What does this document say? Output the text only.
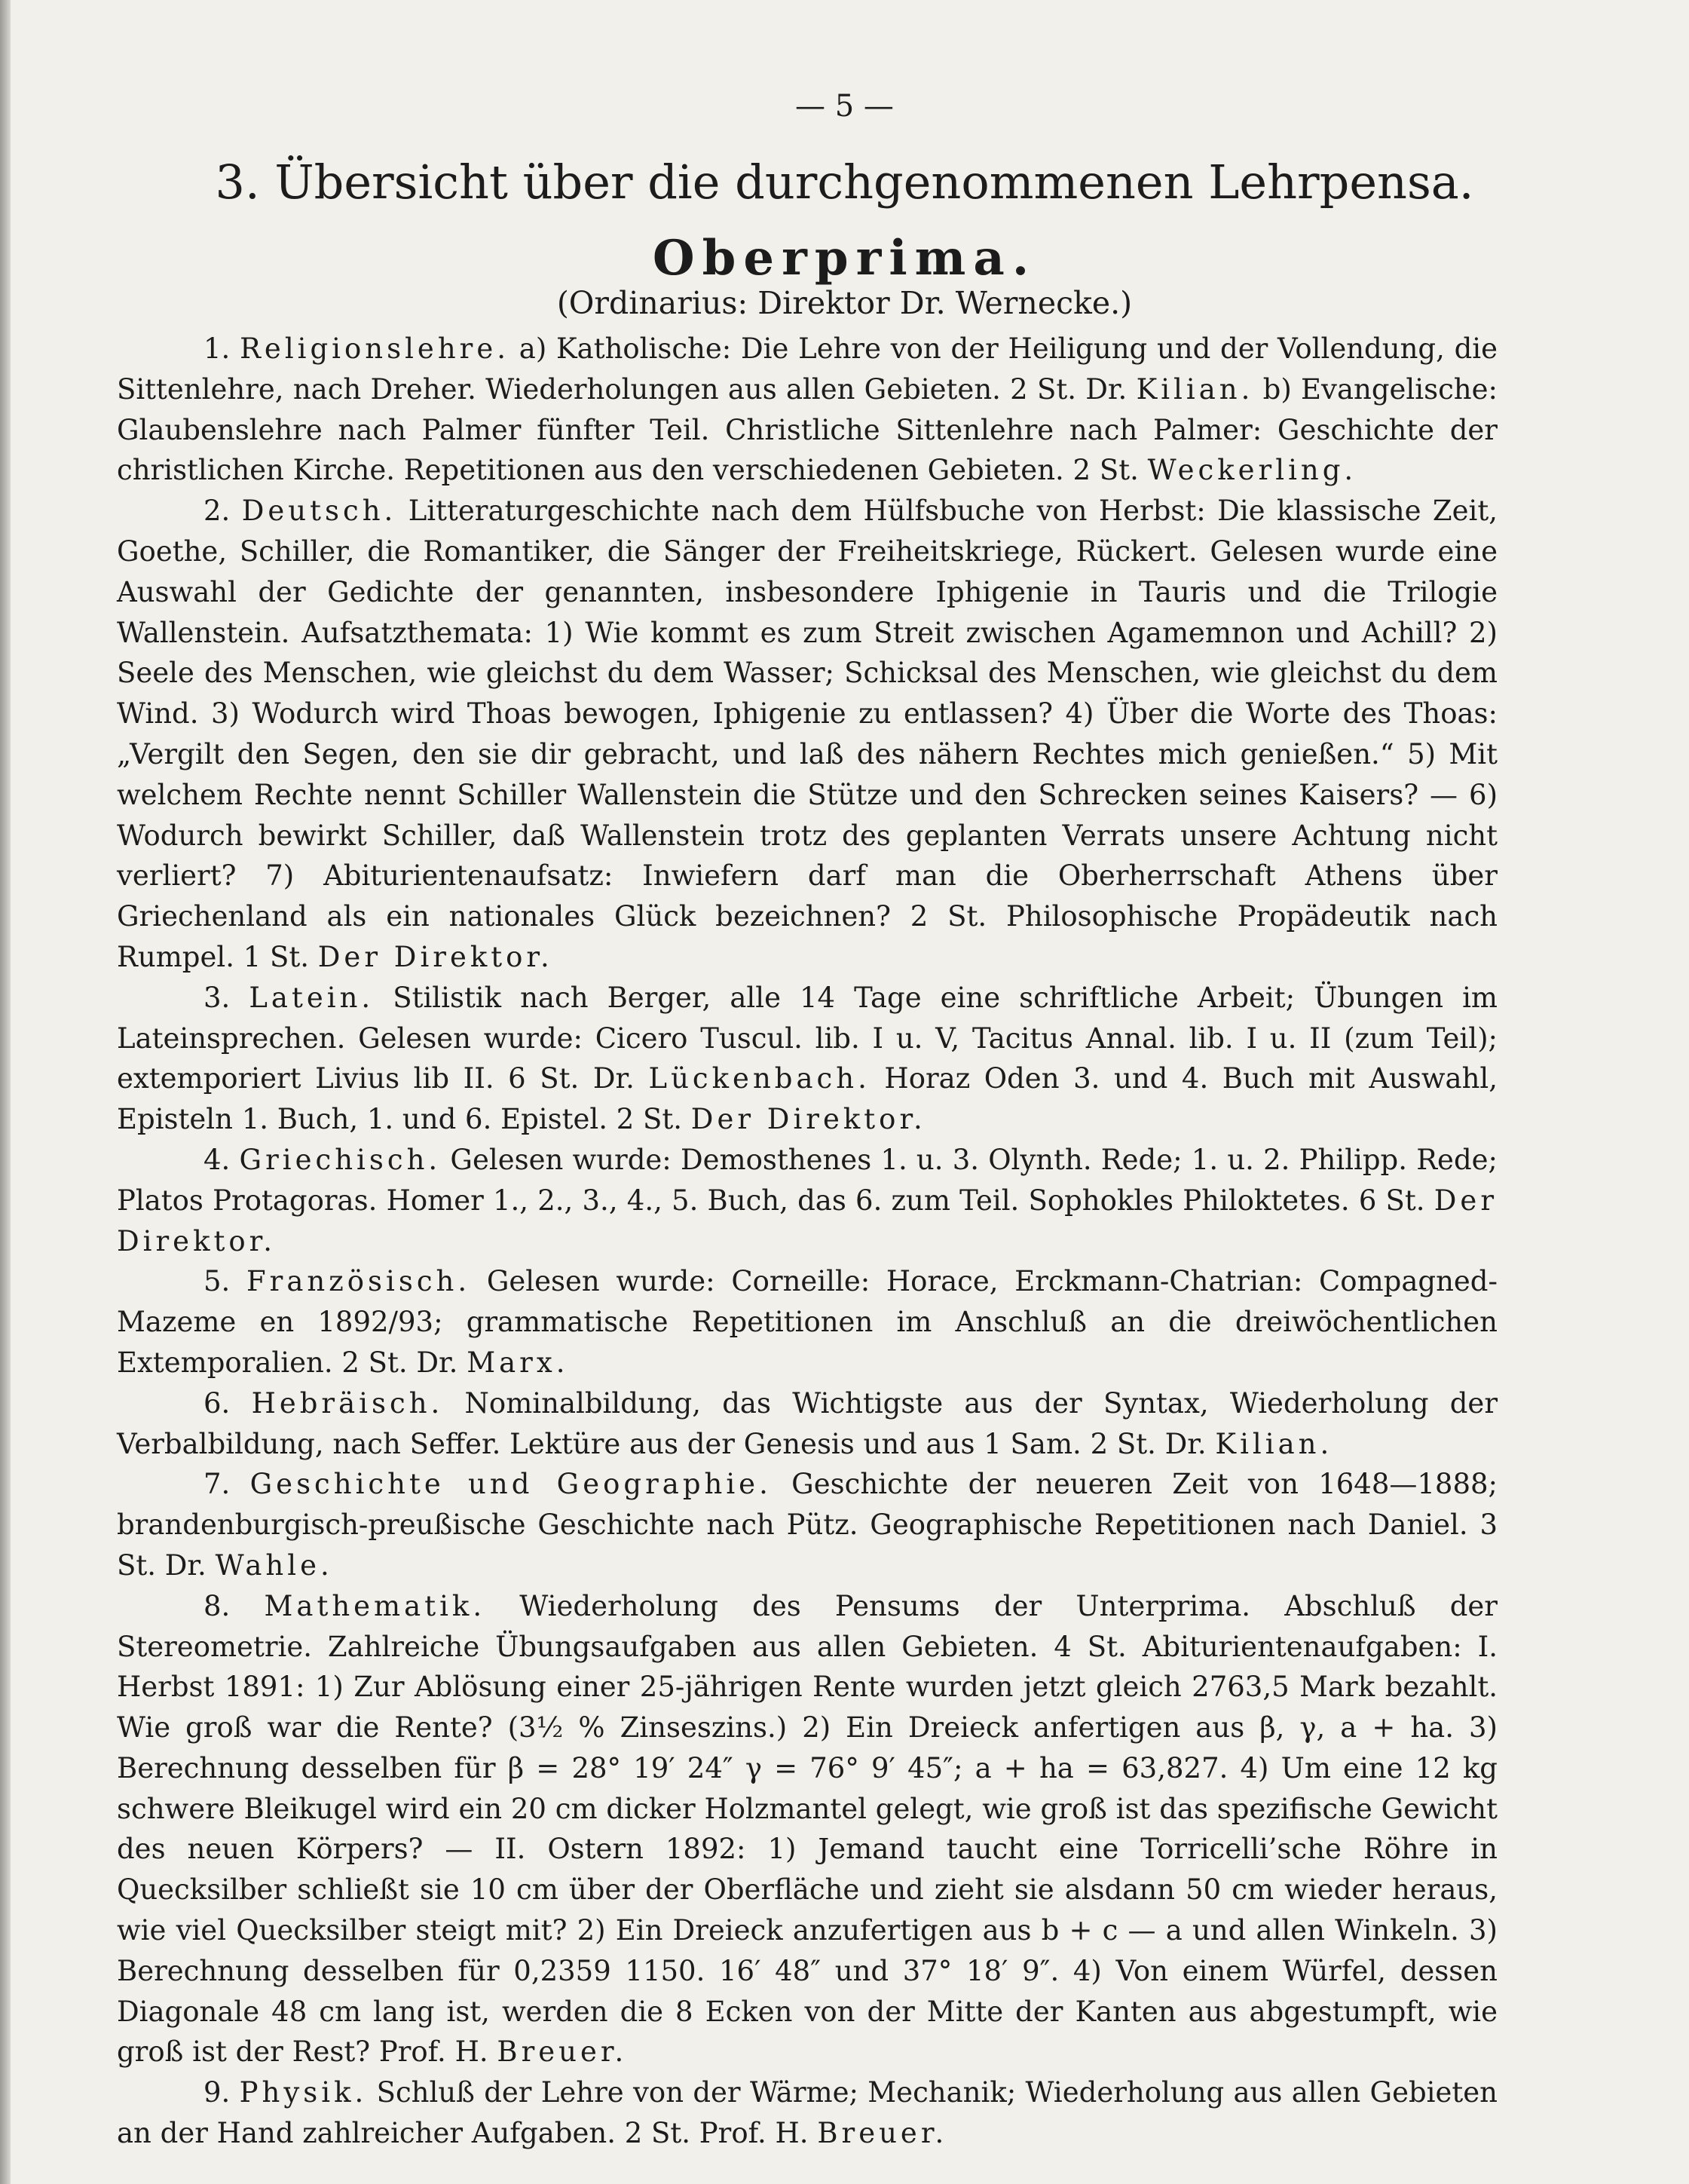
— 5 —
3. Übersicht über die durchgenommenen Lehrpensa.
Oberprima.
(Ordinarius: Direktor Dr. Wernecke.)

1. Religionslehre. a) Katholische: Die Lehre von der Heiligung und der Vollendung, die Sittenlehre, nach Dreher. Wiederholungen aus allen Gebieten. 2 St. Dr. Kilian. b) Evangelische: Glaubenslehre nach Palmer fünfter Teil. Christliche Sittenlehre nach Palmer: Geschichte der christlichen Kirche. Repetitionen aus den verschiedenen Gebieten. 2 St. Weckerling.

2. Deutsch. Litteraturgeschichte nach dem Hülfsbuche von Herbst: Die klassische Zeit, Goethe, Schiller, die Romantiker, die Sänger der Freiheitskriege, Rückert. Gelesen wurde eine Auswahl der Gedichte der genannten, insbesondere Iphigenie in Tauris und die Trilogie Wallenstein. Aufsatzthemata: 1) Wie kommt es zum Streit zwischen Agamemnon und Achill? 2) Seele des Menschen, wie gleichst du dem Wasser; Schicksal des Menschen, wie gleichst du dem Wind. 3) Wodurch wird Thoas bewogen, Iphigenie zu entlassen? 4) Über die Worte des Thoas: „Vergilt den Segen, den sie dir gebracht, und laß des nähern Rechtes mich genießen.“ 5) Mit welchem Rechte nennt Schiller Wallenstein die Stütze und den Schrecken seines Kaisers? — 6) Wodurch bewirkt Schiller, daß Wallenstein trotz des geplanten Verrats unsere Achtung nicht verliert? 7) Abiturientenaufsatz: Inwiefern darf man die Oberherrschaft Athens über Griechenland als ein nationales Glück bezeichnen? 2 St. Philosophische Propädeutik nach Rumpel. 1 St. Der Direktor.

3. Latein. Stilistik nach Berger, alle 14 Tage eine schriftliche Arbeit; Übungen im Lateinsprechen. Gelesen wurde: Cicero Tuscul. lib. I u. V, Tacitus Annal. lib. I u. II (zum Teil); extemporiert Livius lib II. 6 St. Dr. Lückenbach. Horaz Oden 3. und 4. Buch mit Auswahl, Episteln 1. Buch, 1. und 6. Epistel. 2 St. Der Direktor.

4. Griechisch. Gelesen wurde: Demosthenes 1. u. 3. Olynth. Rede; 1. u. 2. Philipp. Rede; Platos Protagoras. Homer 1., 2., 3., 4., 5. Buch, das 6. zum Teil. Sophokles Philoktetes. 6 St. Der Direktor.

5. Französisch. Gelesen wurde: Corneille: Horace, Erckmann-Chatrian: Compagned-Mazeme en 1892/93; grammatische Repetitionen im Anschluß an die dreiwöchentlichen Extemporalien. 2 St. Dr. Marx.

6. Hebräisch. Nominalbildung, das Wichtigste aus der Syntax, Wiederholung der Verbalbildung, nach Seffer. Lektüre aus der Genesis und aus 1 Sam. 2 St. Dr. Kilian.

7. Geschichte und Geographie. Geschichte der neueren Zeit von 1648—1888; brandenburgisch-preußische Geschichte nach Pütz. Geographische Repetitionen nach Daniel. 3 St. Dr. Wahle.

8. Mathematik. Wiederholung des Pensums der Unterprima. Abschluß der Stereometrie. Zahlreiche Übungsaufgaben aus allen Gebieten. 4 St. Abiturientenaufgaben: I. Herbst 1891: 1) Zur Ablösung einer 25-jährigen Rente wurden jetzt gleich 2763,5 Mark bezahlt. Wie groß war die Rente? (3½ % Zinseszins.) 2) Ein Dreieck anfertigen aus β, γ, a + ha. 3) Berechnung desselben für β = 28° 19′ 24″ γ = 76° 9′ 45″; a + ha = 63,827. 4) Um eine 12 kg schwere Bleikugel wird ein 20 cm dicker Holzmantel gelegt, wie groß ist das spezifische Gewicht des neuen Körpers? — II. Ostern 1892: 1) Jemand taucht eine Torricelli’sche Röhre in Quecksilber schließt sie 10 cm über der Oberfläche und zieht sie alsdann 50 cm wieder heraus, wie viel Quecksilber steigt mit? 2) Ein Dreieck anzufertigen aus b + c — a und allen Winkeln. 3) Berechnung desselben für 0,2359 1150. 16′ 48″ und 37° 18′ 9″. 4) Von einem Würfel, dessen Diagonale 48 cm lang ist, werden die 8 Ecken von der Mitte der Kanten aus abgestumpft, wie groß ist der Rest? Prof. H. Breuer.

9. Physik. Schluß der Lehre von der Wärme; Mechanik; Wiederholung aus allen Gebieten an der Hand zahlreicher Aufgaben. 2 St. Prof. H. Breuer.
